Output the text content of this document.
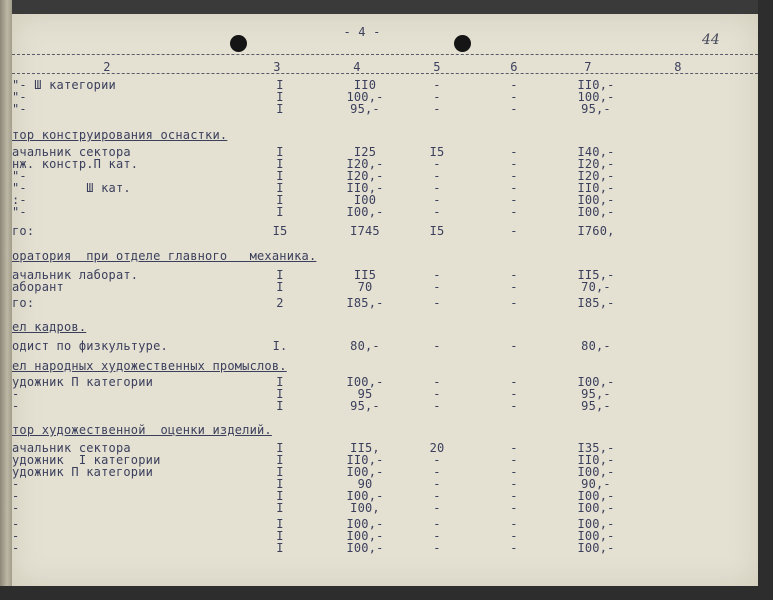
- 4 -	44
2	3	4	5	6	7	8
"- Ш категории	I	II0	-	-	II0,-
"-	I	100,-	-	-	100,-
"-	I	95,-	-	-	95,-
тор конструирования оснастки.
ачальник сектора	I	I25	I5	-	I40,-
нж. констр.П кат.	I	I20,-	-	-	I20,-
"-	I	I20,-	-	-	I20,-
"-        Ш кат.	I	II0,-	-	-	II0,-
:-	I	I00	-	-	I00,-
"-	I	I00,-	-	-	I00,-
го:	I5	I745	I5	-	I760,
оратория  при отделе главного   механика.
ачальник лаборат.	I	II5	-	-	II5,-
аборант	I	70	-	-	70,-
го:	2	I85,-	-	-	I85,-
ел кадров.
одист по физкультуре.	I.	80,-	-	-	80,-
ел народных художественных промыслов.
удожник П категории	I	I00,-	-	-	I00,-
-	I	95	-	-	95,-
-	I	95,-	-	-	95,-
тор художественной  оценки изделий.
ачальник сектора	I	II5,	20	-	I35,-
удожник  I категории	I	II0,-	-	-	II0,-
удожник П категории	I	I00,-	-	-	I00,-
-	I	90	-	-	90,-
-	I	I00,-	-	-	I00,-
-	I	I00,	-	-	I00,-
-	I	I00,-	-	-	I00,-
-	I	I00,-	-	-	I00,-
-	I	I00,-	-	-	I00,-
